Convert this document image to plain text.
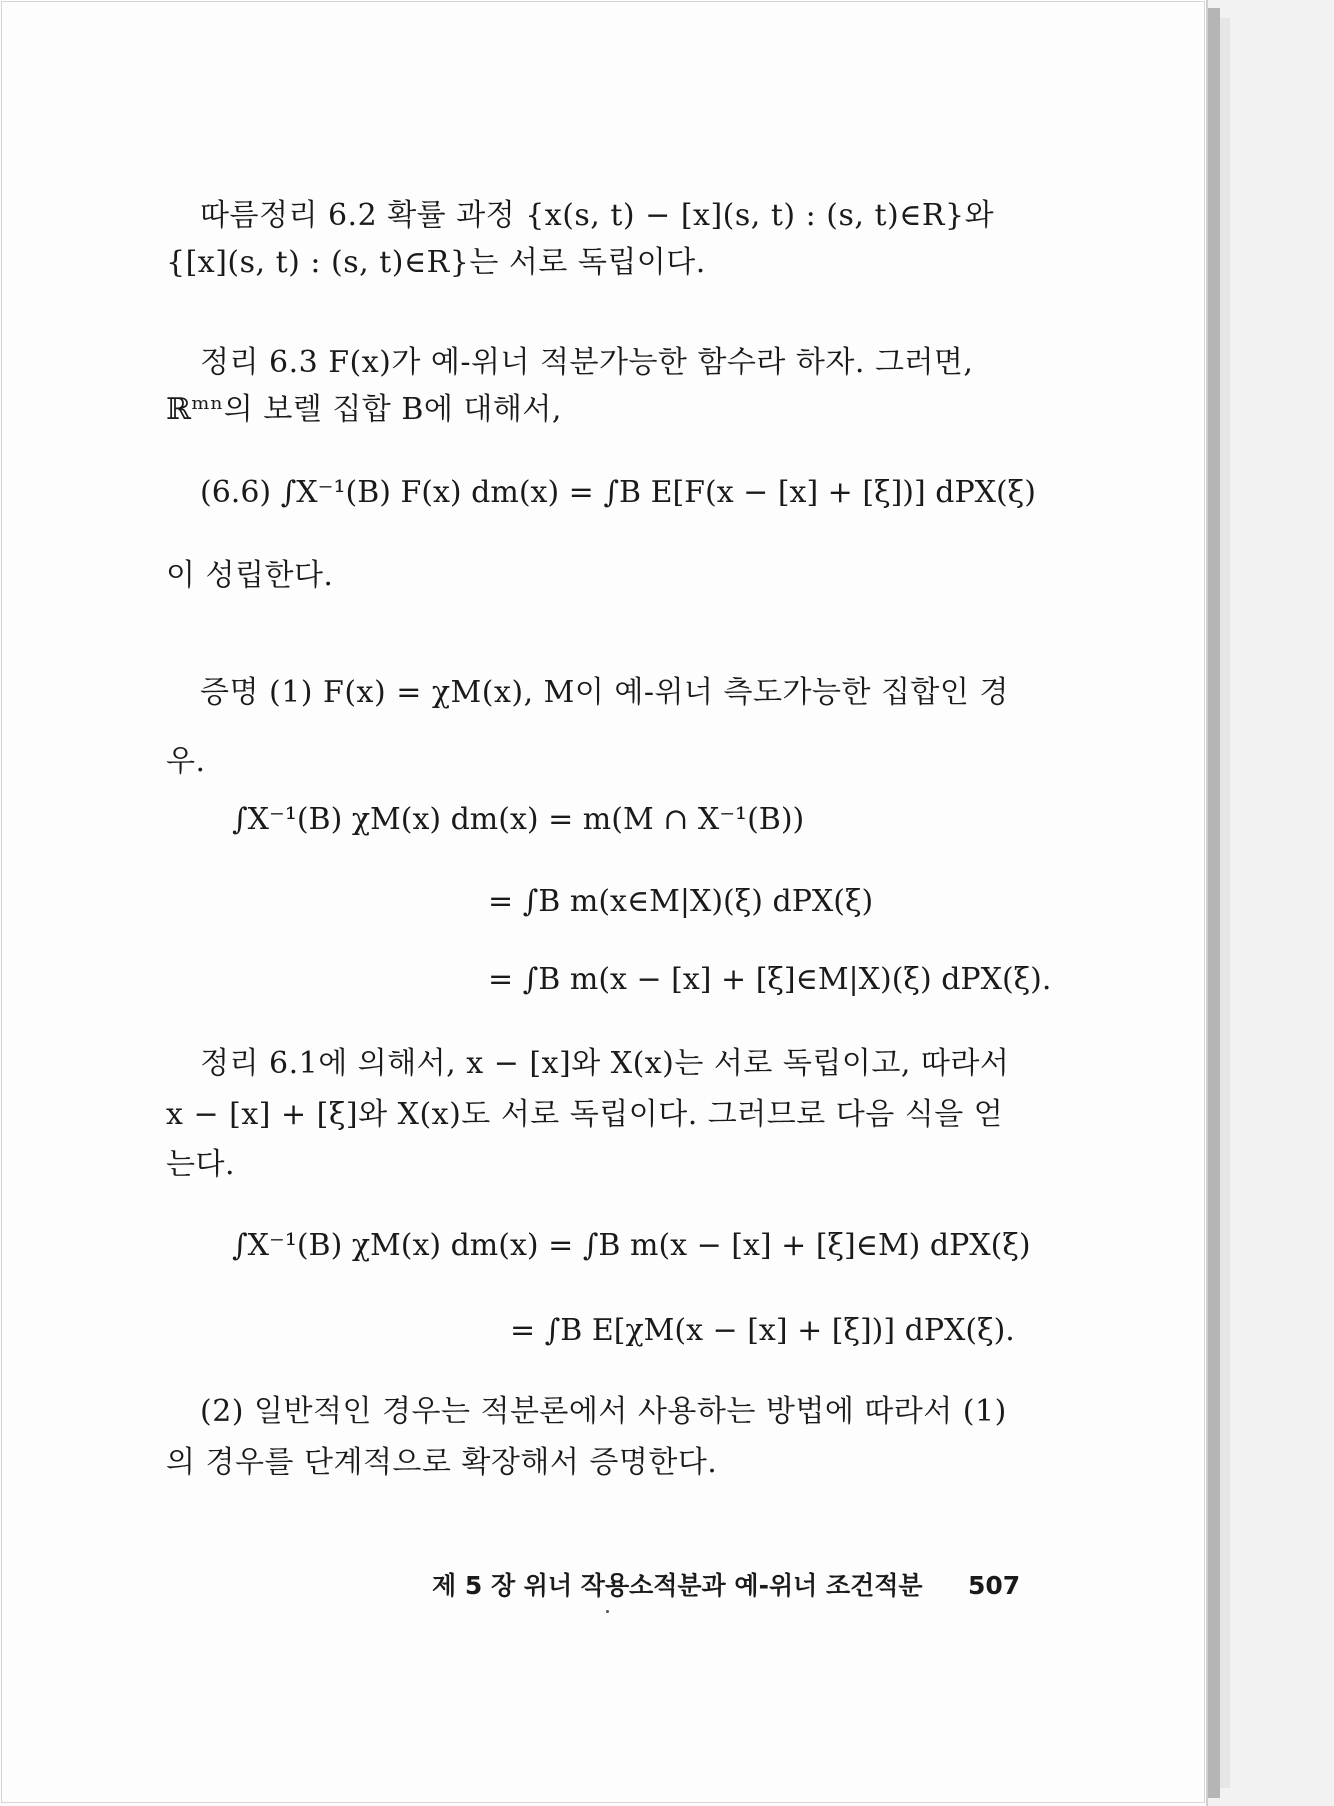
따름정리 6.2 확률 과정 {x(s, t) − [x](s, t) : (s, t)∈R}와
{[x](s, t) : (s, t)∈R}는 서로 독립이다.
정리 6.3 F(x)가 예-위너 적분가능한 함수라 하자. 그러면,
ℝᵐⁿ의 보렐 집합 B에 대해서,
(6.6) ∫X⁻¹(B) F(x) dm(x) = ∫B E[F(x − [x] + [ξ])] dPX(ξ)
이 성립한다.
증명 (1) F(x) = χM(x), M이 예-위너 측도가능한 집합인 경
우.
∫X⁻¹(B) χM(x) dm(x) = m(M ∩ X⁻¹(B))
= ∫B m(x∈M|X)(ξ) dPX(ξ)
= ∫B m(x − [x] + [ξ]∈M|X)(ξ) dPX(ξ).
정리 6.1에 의해서, x − [x]와 X(x)는 서로 독립이고, 따라서
x − [x] + [ξ]와 X(x)도 서로 독립이다. 그러므로 다음 식을 얻
는다.
∫X⁻¹(B) χM(x) dm(x) = ∫B m(x − [x] + [ξ]∈M) dPX(ξ)
= ∫B E[χM(x − [x] + [ξ])] dPX(ξ).
(2) 일반적인 경우는 적분론에서 사용하는 방법에 따라서 (1)
의 경우를 단계적으로 확장해서 증명한다.
제 5 장 위너 작용소적분과 예-위너 조건적분 507
